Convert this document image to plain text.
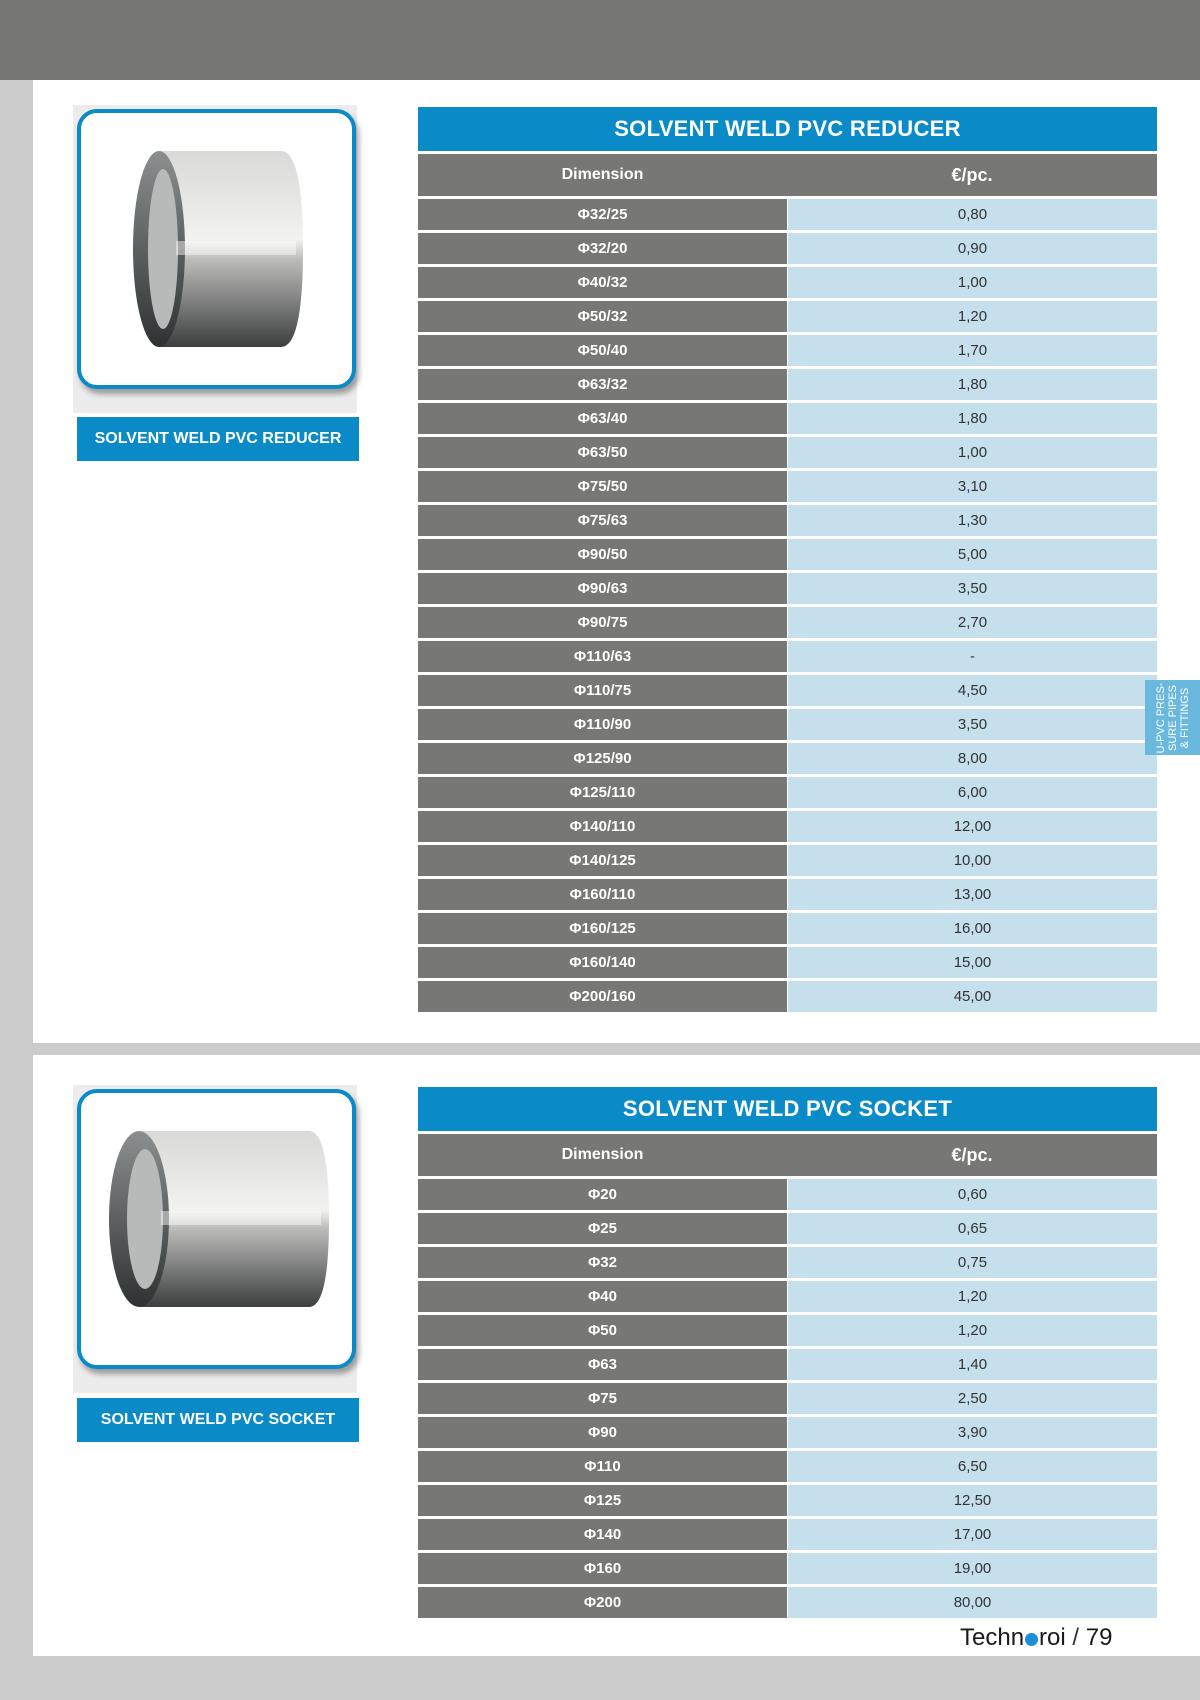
SOLVENT WELD PVC REDUCER
SOLVENT WELD PVC REDUCER
Dimension	€/pc.
Φ32/25	0,80
Φ32/20	0,90
Φ40/32	1,00
Φ50/32	1,20
Φ50/40	1,70
Φ63/32	1,80
Φ63/40	1,80
Φ63/50	1,00
Φ75/50	3,10
Φ75/63	1,30
Φ90/50	5,00
Φ90/63	3,50
Φ90/75	2,70
Φ110/63	-
Φ110/75	4,50
Φ110/90	3,50
Φ125/90	8,00
Φ125/110	6,00
Φ140/110	12,00
Φ140/125	10,00
Φ160/110	13,00
Φ160/125	16,00
Φ160/140	15,00
Φ200/160	45,00
SOLVENT WELD PVC SOCKET
SOLVENT WELD PVC SOCKET
Dimension	€/pc.
Φ20	0,60
Φ25	0,65
Φ32	0,75
Φ40	1,20
Φ50	1,20
Φ63	1,40
Φ75	2,50
Φ90	3,90
Φ110	6,50
Φ125	12,50
Φ140	17,00
Φ160	19,00
Φ200	80,00
U-PVC PRES-SURE PIPES & FITTINGS
Techn roi / 79
